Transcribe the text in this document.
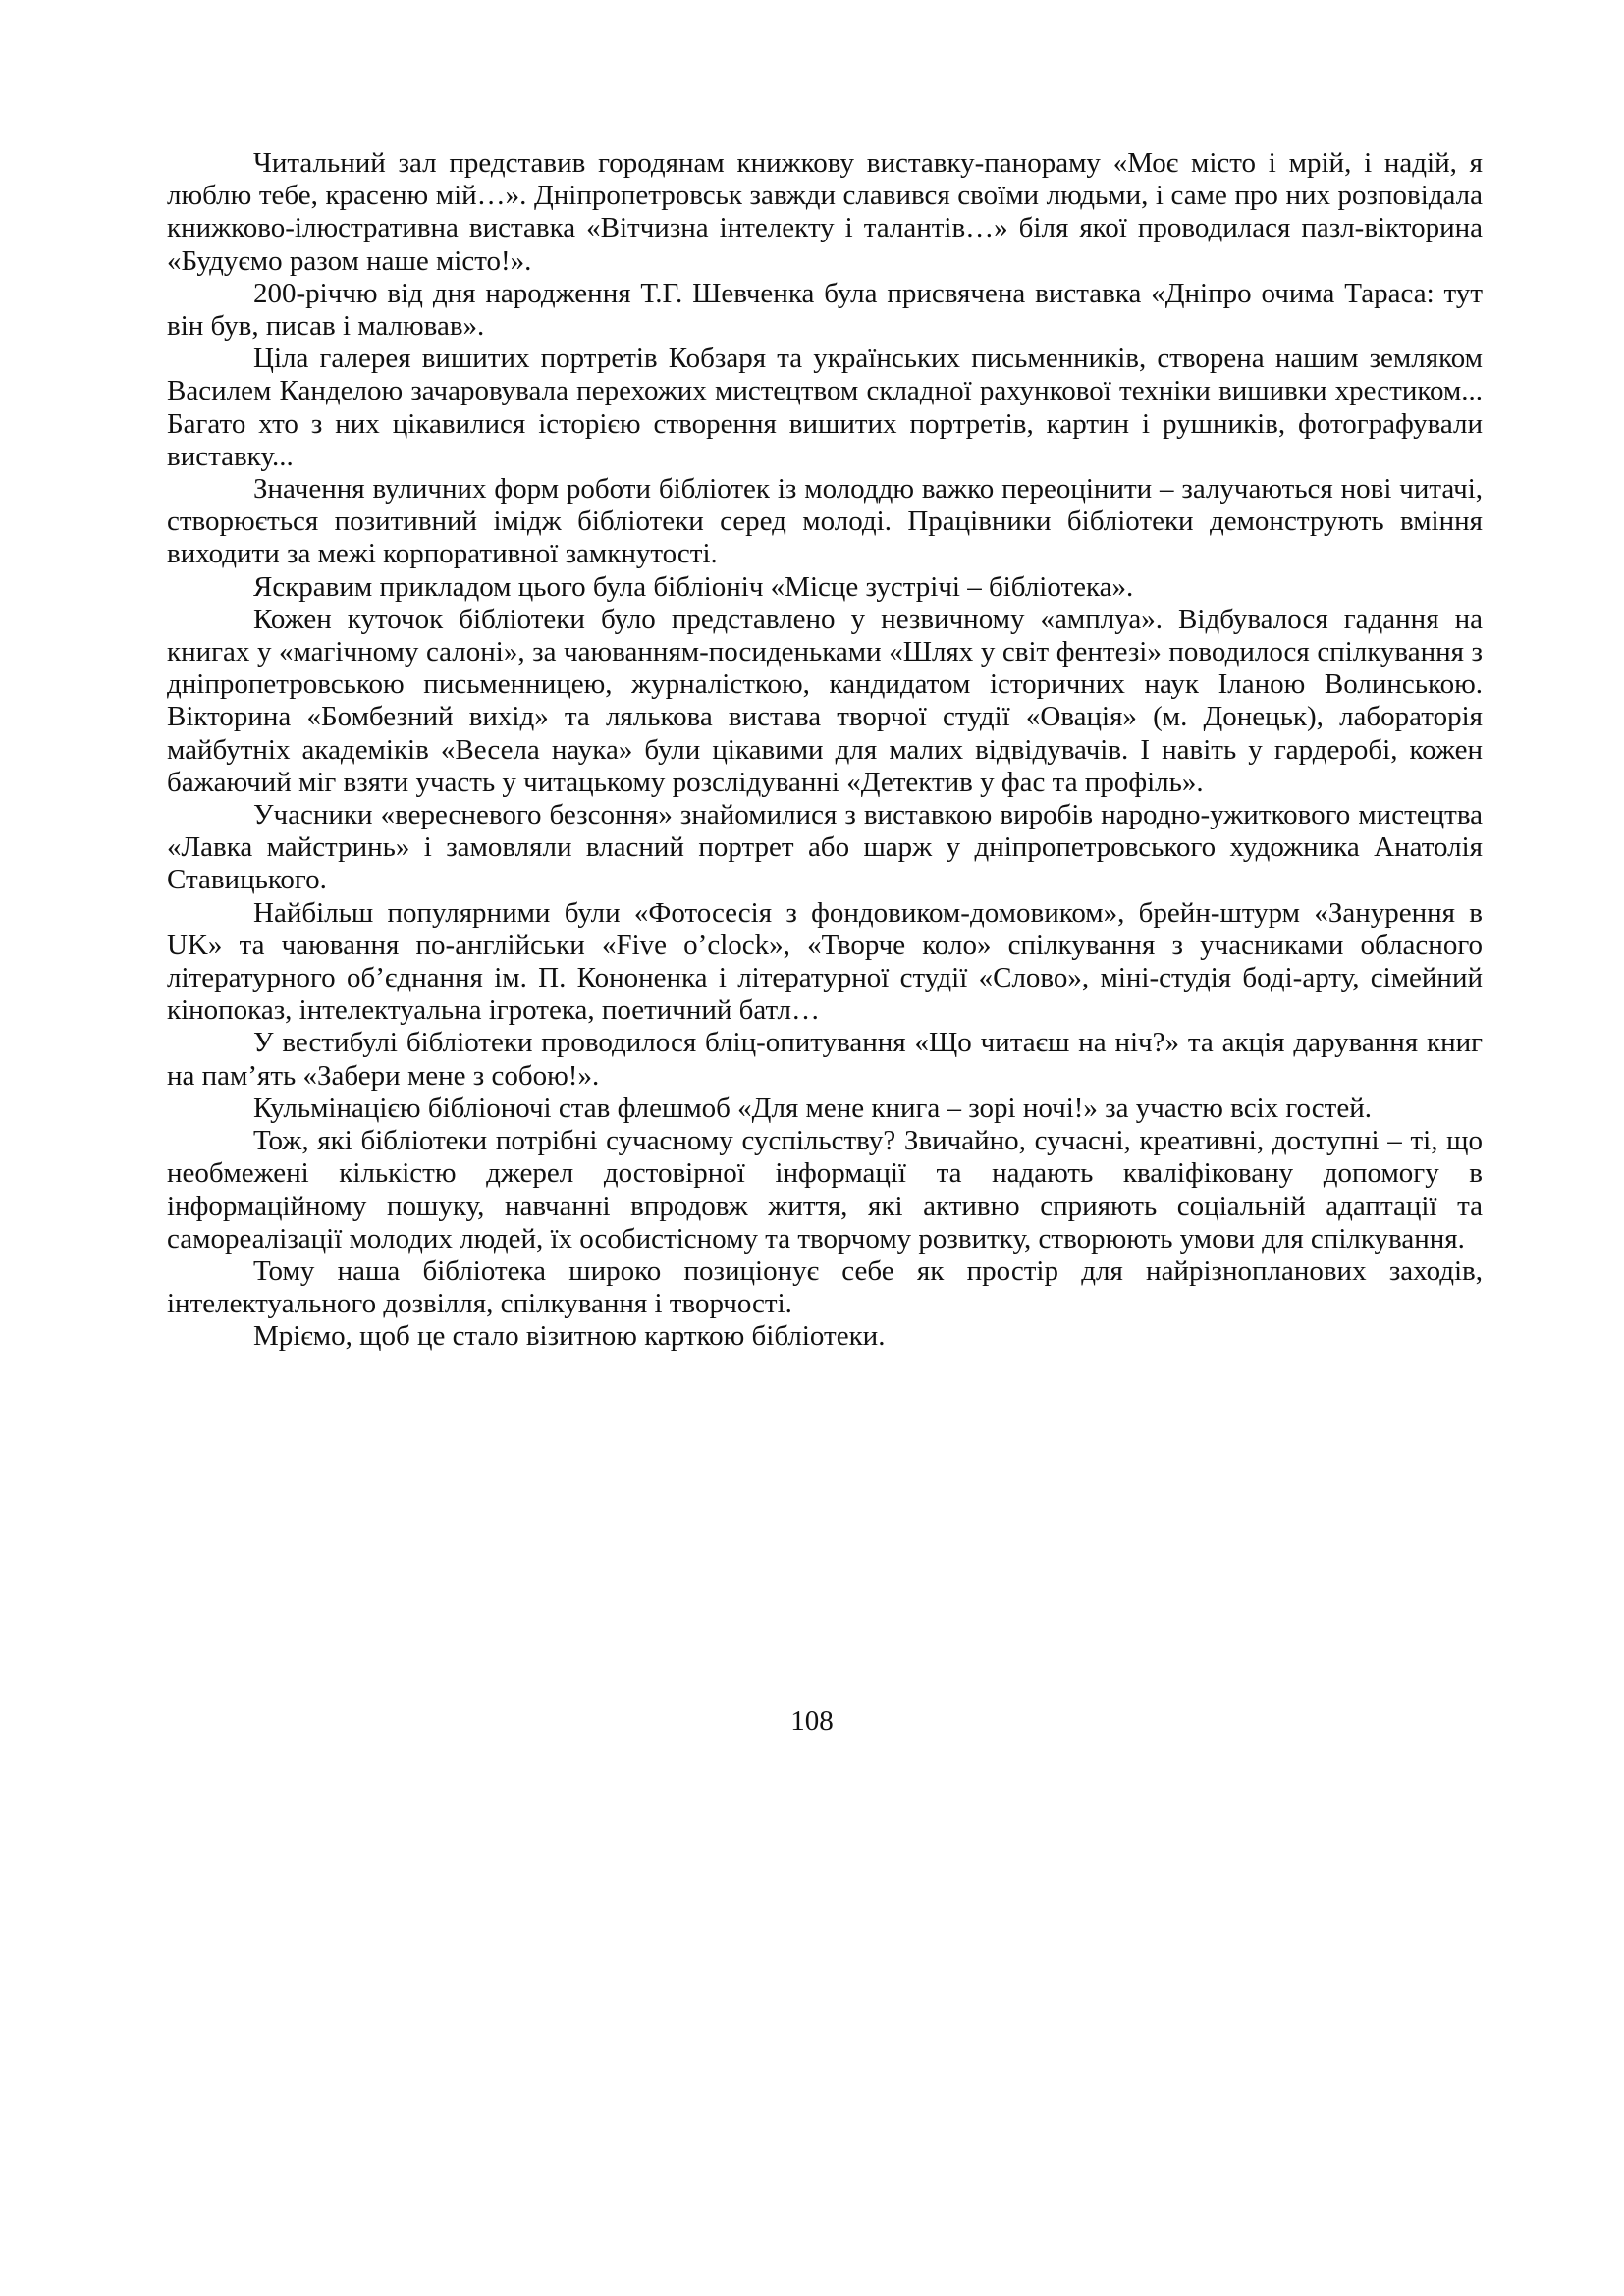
Читальний зал представив городянам книжкову виставку-панораму «Моє місто і мрій, і надій, я люблю тебе, красеню мій…». Дніпропетровськ завжди славився своїми людьми, і саме про них розповідала книжково-ілюстративна виставка «Вітчизна інтелекту і талантів…» біля якої проводилася пазл-вікторина «Будуємо разом наше місто!».

200-річчю від дня народження Т.Г. Шевченка була присвячена виставка «Дніпро очима Тараса: тут він був, писав і малював».

Ціла галерея вишитих портретів Кобзаря та українських письменників, створена нашим земляком Василем Канделою зачаровувала перехожих мистецтвом складної рахункової техніки вишивки хрестиком... Багато хто з них цікавилися історією створення вишитих портретів, картин і рушників, фотографували виставку...

Значення вуличних форм роботи бібліотек із молоддю важко переоцінити – залучаються нові читачі, створюється позитивний імідж бібліотеки серед молоді. Працівники бібліотеки демонструють вміння виходити за межі корпоративної замкнутості.

Яскравим прикладом цього була бібліоніч «Місце зустрічі – бібліотека».

Кожен куточок бібліотеки було представлено у незвичному «амплуа». Відбувалося гадання на книгах у «магічному салоні», за чаюванням-посиденьками «Шлях у світ фентезі» поводилося спілкування з дніпропетровською письменницею, журналісткою, кандидатом історичних наук Іланою Волинською. Вікторина «Бомбезний вихід» та лялькова вистава творчої студії «Овація» (м. Донецьк), лабораторія майбутніх академіків «Весела наука» були цікавими для малих відвідувачів. І навіть у гардеробі, кожен бажаючий міг взяти участь у читацькому розслідуванні «Детектив у фас та профіль».

Учасники «вересневого безсоння» знайомилися з виставкою виробів народно-ужиткового мистецтва «Лавка майстринь» і замовляли власний портрет або шарж у дніпропетровського художника Анатолія Ставицького.

Найбільш популярними були «Фотосесія з фондовиком-домовиком», брейн-штурм «Занурення в UK» та чаювання по-англійськи «Five o’clock», «Творче коло» спілкування з учасниками обласного літературного об’єднання ім. П. Кононенка і літературної студії «Слово», міні-студія боді-арту, сімейний кінопоказ, інтелектуальна ігротека, поетичний батл…

У вестибулі бібліотеки проводилося бліц-опитування «Що читаєш на ніч?» та акція дарування книг на пам’ять «Забери мене з собою!».

Кульмінацією бібліоночі став флешмоб «Для мене книга – зорі ночі!» за участю всіх гостей.

Тож, які бібліотеки потрібні сучасному суспільству? Звичайно, сучасні, креативні, доступні – ті, що необмежені кількістю джерел достовірної інформації та надають кваліфіковану допомогу в інформаційному пошуку, навчанні впродовж життя, які активно сприяють соціальній адаптації та самореалізації молодих людей, їх особистісному та творчому розвитку, створюють умови для спілкування.

Тому наша бібліотека широко позиціонує себе як простір для найрізнопланових заходів, інтелектуального дозвілля, спілкування і творчості.

Мріємо, щоб це стало візитною карткою бібліотеки.

108
